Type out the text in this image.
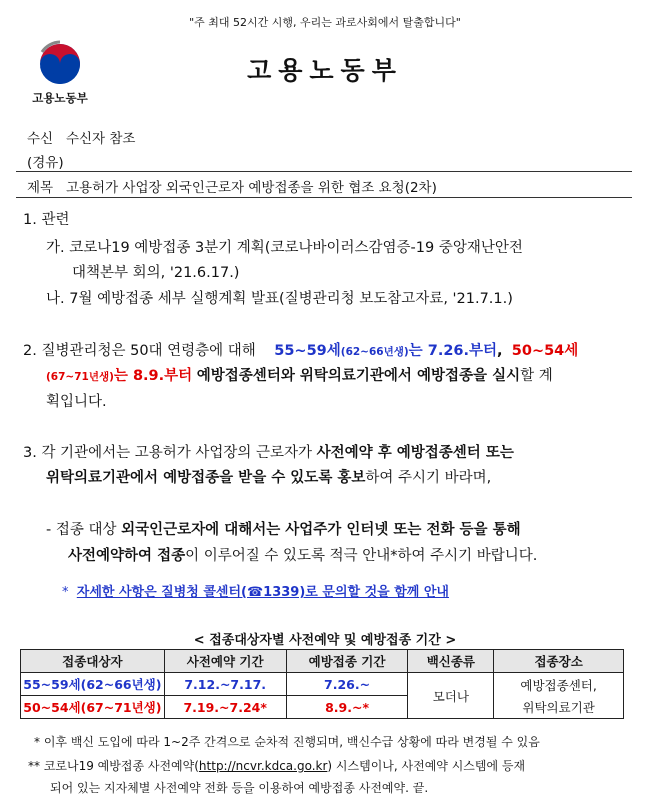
"주 최대 52시간 시행, 우리는 과로사회에서 탈출합니다"
고용노동부
고용노동부
수신 수신자 참조
(경유)
제목 고용허가 사업장 외국인근로자 예방접종을 위한 협조 요청(2차)
1. 관련
가. 코로나19 예방접종 3분기 계획(코로나바이러스감염증-19 중앙재난안전
대책본부 회의, '21.6.17.)
나. 7월 예방접종 세부 실행계획 발표(질병관리청 보도참고자료, '21.7.1.)
2. 질병관리청은 50대 연령층에 대해 55~59세(62~66년생)는 7.26.부터, 50~54세
(67~71년생)는 8.9.부터 예방접종센터와 위탁의료기관에서 예방접종을 실시할 계
획입니다.
3. 각 기관에서는 고용허가 사업장의 근로자가 사전예약 후 예방접종센터 또는
위탁의료기관에서 예방접종을 받을 수 있도록 홍보하여 주시기 바라며,
- 접종 대상 외국인근로자에 대해서는 사업주가 인터넷 또는 전화 등을 통해
사전예약하여 접종이 이루어질 수 있도록 적극 안내*하여 주시기 바랍니다.
* 자세한 사항은 질병청 콜센터(☎1339)로 문의할 것을 함께 안내
< 접종대상자별 사전예약 및 예방접종 기간 >
접종대상자	사전예약 기간	예방접종 기간	백신종류	접종장소
55~59세(62~66년생)	7.12.~7.17.	7.26.~	모더나	예방접종센터,
위탁의료기관

50~54세(67~71년생)	7.19.~7.24*	8.9.~*		
* 이후 백신 도입에 따라 1~2주 간격으로 순차적 진행되며, 백신수급 상황에 따라 변경될 수 있음
** 코로나19 예방접종 사전예약(http://ncvr.kdca.go.kr) 시스템이나, 사전예약 시스템에 등재
되어 있는 지자체별 사전예약 전화 등을 이용하여 예방접종 사전예약. 끝.
